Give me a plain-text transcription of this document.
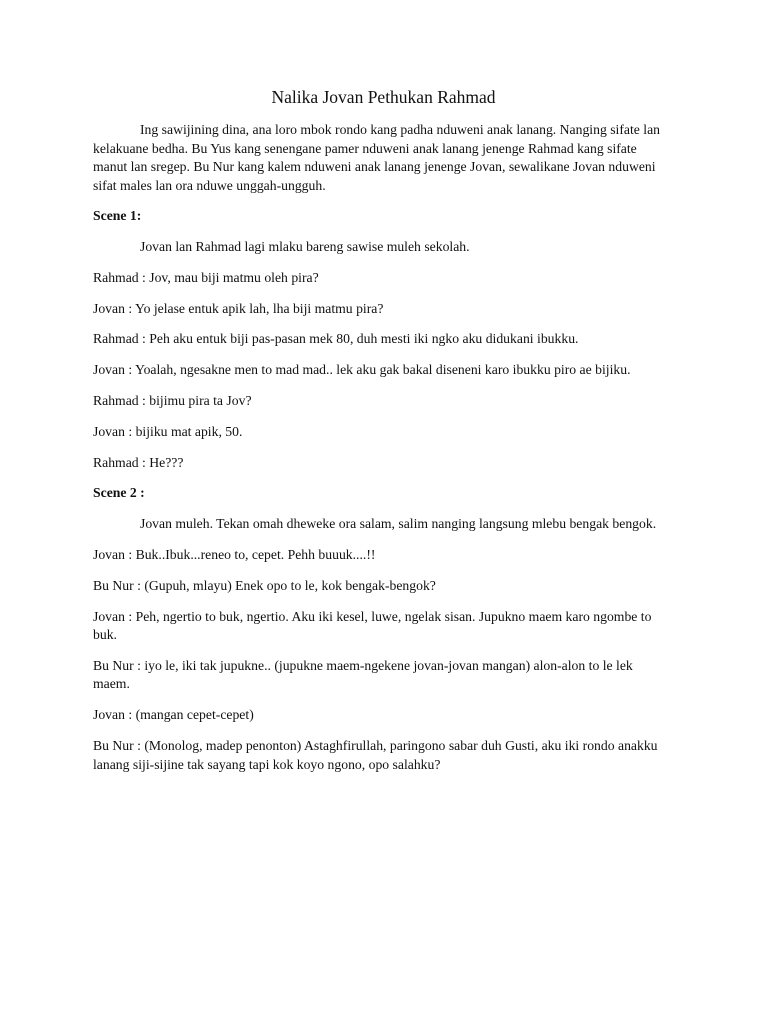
Nalika Jovan Pethukan Rahmad

Ing sawijining dina, ana loro mbok rondo kang padha nduweni anak lanang. Nanging sifate lan kelakuane bedha. Bu Yus kang senengane pamer nduweni anak lanang jenenge Rahmad kang sifate manut lan sregep. Bu Nur kang kalem nduweni anak lanang jenenge Jovan, sewalikane Jovan nduweni sifat males lan ora nduwe unggah-ungguh.

Scene 1:

Jovan lan Rahmad lagi mlaku bareng sawise muleh sekolah.

Rahmad : Jov, mau biji matmu oleh pira?

Jovan : Yo jelase entuk apik lah, lha biji matmu pira?

Rahmad : Peh aku entuk biji pas-pasan mek 80, duh mesti iki ngko aku didukani ibukku.

Jovan : Yoalah, ngesakne men to mad mad.. lek aku gak bakal diseneni karo ibukku piro ae bijiku.

Rahmad : bijimu pira ta Jov?

Jovan : bijiku mat apik, 50.

Rahmad : He???

Scene 2 :

Jovan muleh. Tekan omah dheweke ora salam, salim nanging langsung mlebu bengak bengok.

Jovan : Buk..Ibuk...reneo to, cepet. Pehh buuuk....!!

Bu Nur : (Gupuh, mlayu) Enek opo to le, kok bengak-bengok?

Jovan : Peh, ngertio to buk, ngertio. Aku iki kesel, luwe, ngelak sisan. Jupukno maem karo ngombe to buk.

Bu Nur : iyo le, iki tak jupukne.. (jupukne maem-ngekene jovan-jovan mangan) alon-alon to le lek maem.

Jovan : (mangan cepet-cepet)

Bu Nur : (Monolog, madep penonton) Astaghfirullah, paringono sabar duh Gusti, aku iki rondo anakku lanang siji-sijine tak sayang tapi kok koyo ngono, opo salahku?
